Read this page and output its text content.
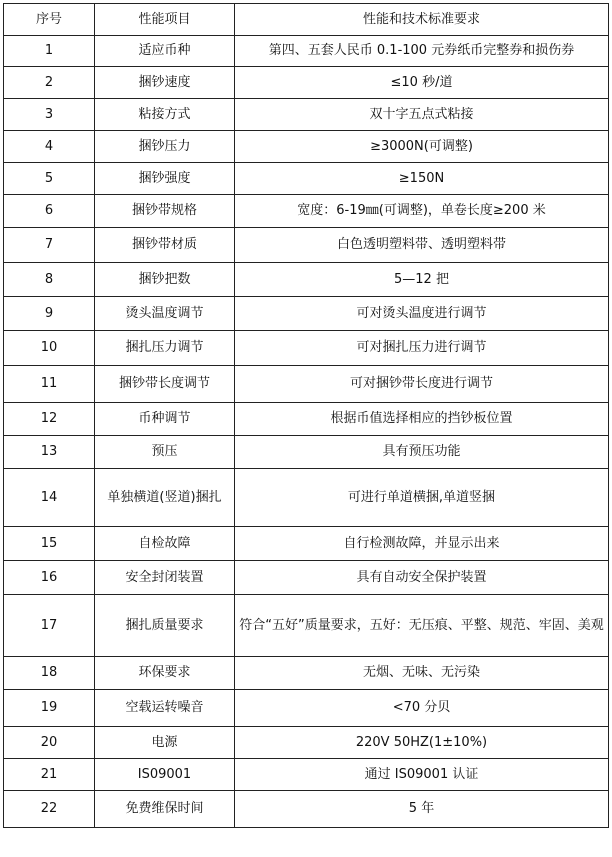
序号	性能项目	性能和技术标准要求
1	适应币种	第四、五套人民币 0.1-100 元券纸币完整券和损伤券
2	捆钞速度	≤10 秒/道
3	粘接方式	双十字五点式粘接
4	捆钞压力	≥3000N(可调整)
5	捆钞强度	≥150N
6	捆钞带规格	宽度：6-19㎜(可调整)，单卷长度≥200 米
7	捆钞带材质	白色透明塑料带、透明塑料带
8	捆钞把数	5—12 把
9	烫头温度调节	可对烫头温度进行调节
10	捆扎压力调节	可对捆扎压力进行调节
11	捆钞带长度调节	可对捆钞带长度进行调节
12	币种调节	根据币值选择相应的挡钞板位置
13	预压	具有预压功能
14	单独横道(竖道)捆扎	可进行单道横捆,单道竖捆
15	自检故障	自行检测故障，并显示出来
16	安全封闭装置	具有自动安全保护装置
17	捆扎质量要求	符合“五好”质量要求，五好：无压痕、平整、规范、牢固、美观
18	环保要求	无烟、无味、无污染
19	空载运转噪音	<70 分贝
20	电源	220V 50HZ(1±10%)
21	IS09001	通过 IS09001 认证
22	免费维保时间	5 年
